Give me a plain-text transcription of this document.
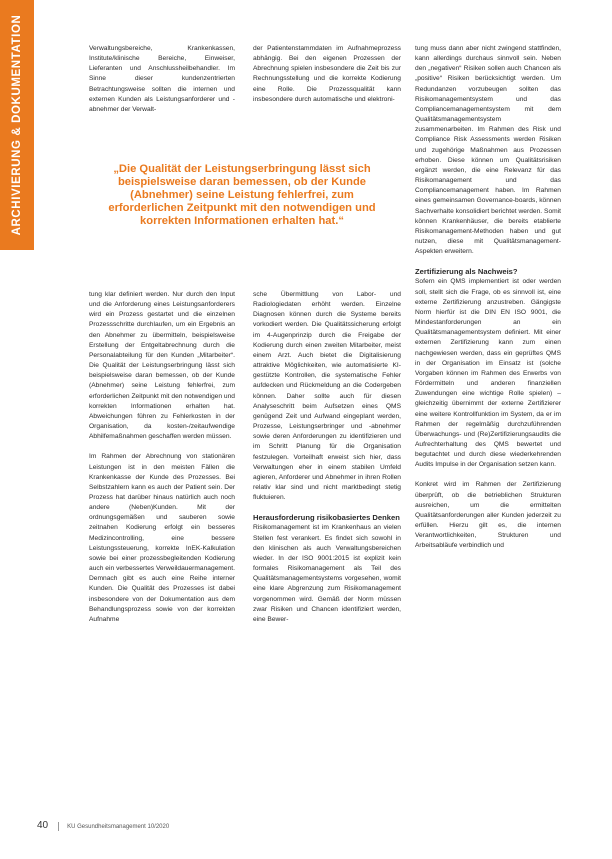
ARCHIVIERUNG & DOKUMENTATION	Verwaltungsbereiche, Krankenkassen, Institute/klinische Bereiche, Einweiser, Lieferanten und Anschlussheilbehandler. Im Sinne dieser kundenzentrierten Betrachtungsweise sollten die internen und externen Kunden als Leistungsanforderer und -abnehmer der Verwalt-

„Die Qualität der Leistungserbringung lässt sich beispielsweise daran bemessen, ob der Kunde (Abnehmer) seine Leistung fehlerfrei, zum erforderlichen Zeitpunkt mit den notwendigen und korrekten Informationen erhalten hat.“

tung klar definiert werden. Nur durch den Input und die Anforderung eines Leistungsanforderers wird ein Prozess gestartet und die einzelnen Prozessschritte durchlaufen, um ein Ergebnis an den Abnehmer zu übermitteln, beispielsweise Erstellung der Entgeltabrechnung durch die Personalabteilung für den Kunden „Mitarbeiter“. Die Qualität der Leistungserbringung lässt sich beispielsweise daran bemessen, ob der Kunde (Abnehmer) seine Leistung fehlerfrei, zum erforderlichen Zeitpunkt mit den notwendigen und korrekten Informationen erhalten hat. Abweichungen führen zu Fehlerkosten in der Organisation, da kosten-/zeitaufwendige Abhilfemaßnahmen geschaffen werden müssen.

Im Rahmen der Abrechnung von stationären Leistungen ist in den meisten Fällen die Krankenkasse der Kunde des Prozesses. Bei Selbstzahlern kann es auch der Patient sein. Der Prozess hat darüber hinaus natürlich auch noch andere (Neben)Kunden. Mit der ordnungsgemäßen und sauberen sowie zeitnahen Kodierung erfolgt ein besseres Medizincontrolling, eine bessere Leistungssteuerung, korrekte InEK-Kalkulation sowie bei einer prozessbegleitenden Kodierung auch ein verbessertes Verweildauermanagement. Demnach gibt es auch eine Reihe interner Kunden. Die Qualität des Prozesses ist dabei insbesondere von der Dokumentation aus dem Behandlungsprozess sowie von der korrekten Aufnahme

der Patientenstammdaten im Aufnahmeprozess abhängig. Bei den eigenen Prozessen der Abrechnung spielen insbesondere die Zeit bis zur Rechnungsstellung und die korrekte Kodierung eine Rolle. Die Prozessqualität kann insbesondere durch automatische und elektroni-

sche Übermittlung von Labor- und Radiologiedaten erhöht werden. Einzelne Diagnosen können durch die Systeme bereits vorkodiert werden. Die Qualitätssicherung erfolgt im 4-Augenprinzip durch die Freigabe der Kodierung durch einen zweiten Mitarbeiter, meist einem Arzt. Auch bietet die Digitalisierung attraktive Möglichkeiten, wie automatisierte KI-gestützte Kontrollen, die systematische Fehler aufdecken und Rückmeldung an die Codergeben können. Daher sollte auch für diesen Analyseschritt beim Aufsetzen eines QMS genügend Zeit und Aufwand eingeplant werden, Prozesse, Leistungserbringer und -abnehmer sowie deren Anforderungen zu identifizieren und im Schritt Planung für die Organisation festzulegen. Vorteilhaft erweist sich hier, dass Verwaltungen eher in einem stabilen Umfeld agieren, Anforderer und Abnehmer in ihren Rollen relativ klar sind und nicht marktbedingt stetig fluktuieren.

Herausforderung risikobasiertes Denken

Risikomanagement ist im Krankenhaus an vielen Stellen fest verankert. Es findet sich sowohl in den klinischen als auch Verwaltungsbereichen wieder. In der ISO 9001:2015 ist explizit kein formales Risikomanagement als Teil des Qualitätsmanagementsystems vorgesehen, womit eine klare Abgrenzung zum Risikomanagement vorgenommen wird. Gemäß der Norm müssen zwar Risiken und Chancen identifiziert werden, eine Bewer-

tung muss dann aber nicht zwingend stattfinden, kann allerdings durchaus sinnvoll sein. Neben den „negativen“ Risiken sollen auch Chancen als „positive“ Risiken berücksichtigt werden. Um Redundanzen vorzubeugen sollten das Risikomanagementsystem und das Compliancemanagementsystem mit dem Qualitätsmanagementsystem zusammenarbeiten. Im Rahmen des Risk und Compliance Risk Assessments werden Risiken und zugehörige Maßnahmen aus Prozessen erhoben. Diese können um Qualitätsrisiken ergänzt werden, die eine Relevanz für das Risikomanagement und das Compliancemanagement haben. Im Rahmen eines gemeinsamen Governance-boards, können Sachverhalte konsolidiert berichtet werden. Somit können Krankenhäuser, die bereits etablierte Risikomanagement-Methoden haben und gut nutzen, diese mit Qualitätsmanagement-Aspekten erweitern.

Zertifizierung als Nachweis?

Sofern ein QMS implementiert ist oder werden soll, stellt sich die Frage, ob es sinnvoll ist, eine externe Zertifizierung anzustreben. Gängigste Norm hierfür ist die DIN EN ISO 9001, die Mindestanforderungen an ein Qualitätsmanagementsystem definiert. Mit einer externen Zertifizierung kann zum einen nachgewiesen werden, dass ein geprüftes QMS in der Organisation im Einsatz ist (solche Vorgaben können im Rahmen des Erwerbs von Fördermitteln und anderen finanziellen Zuwendungen eine wichtige Rolle spielen) – gleichzeitig übernimmt der externe Zertifizierer eine weitere Kontrollfunktion im System, da er im Rahmen der regelmäßig durchzuführenden Überwachungs- und (Re)Zertifizierungsaudits die Aufrechterhaltung des QMS bewertet und begutachtet und durch diese wiederkehrenden Audits Impulse in der Organisation setzen kann.

Konkret wird im Rahmen der Zertifizierung überprüft, ob die betrieblichen Strukturen ausreichen, um die ermittelten Qualitätsanforderungen aller Kunden jederzeit zu erfüllen. Hierzu gilt es, die internen Verantwortlichkeiten, Strukturen und Arbeitsabläufe verbindlich und

40	KU Gesundheitsmanagement 10/2020
